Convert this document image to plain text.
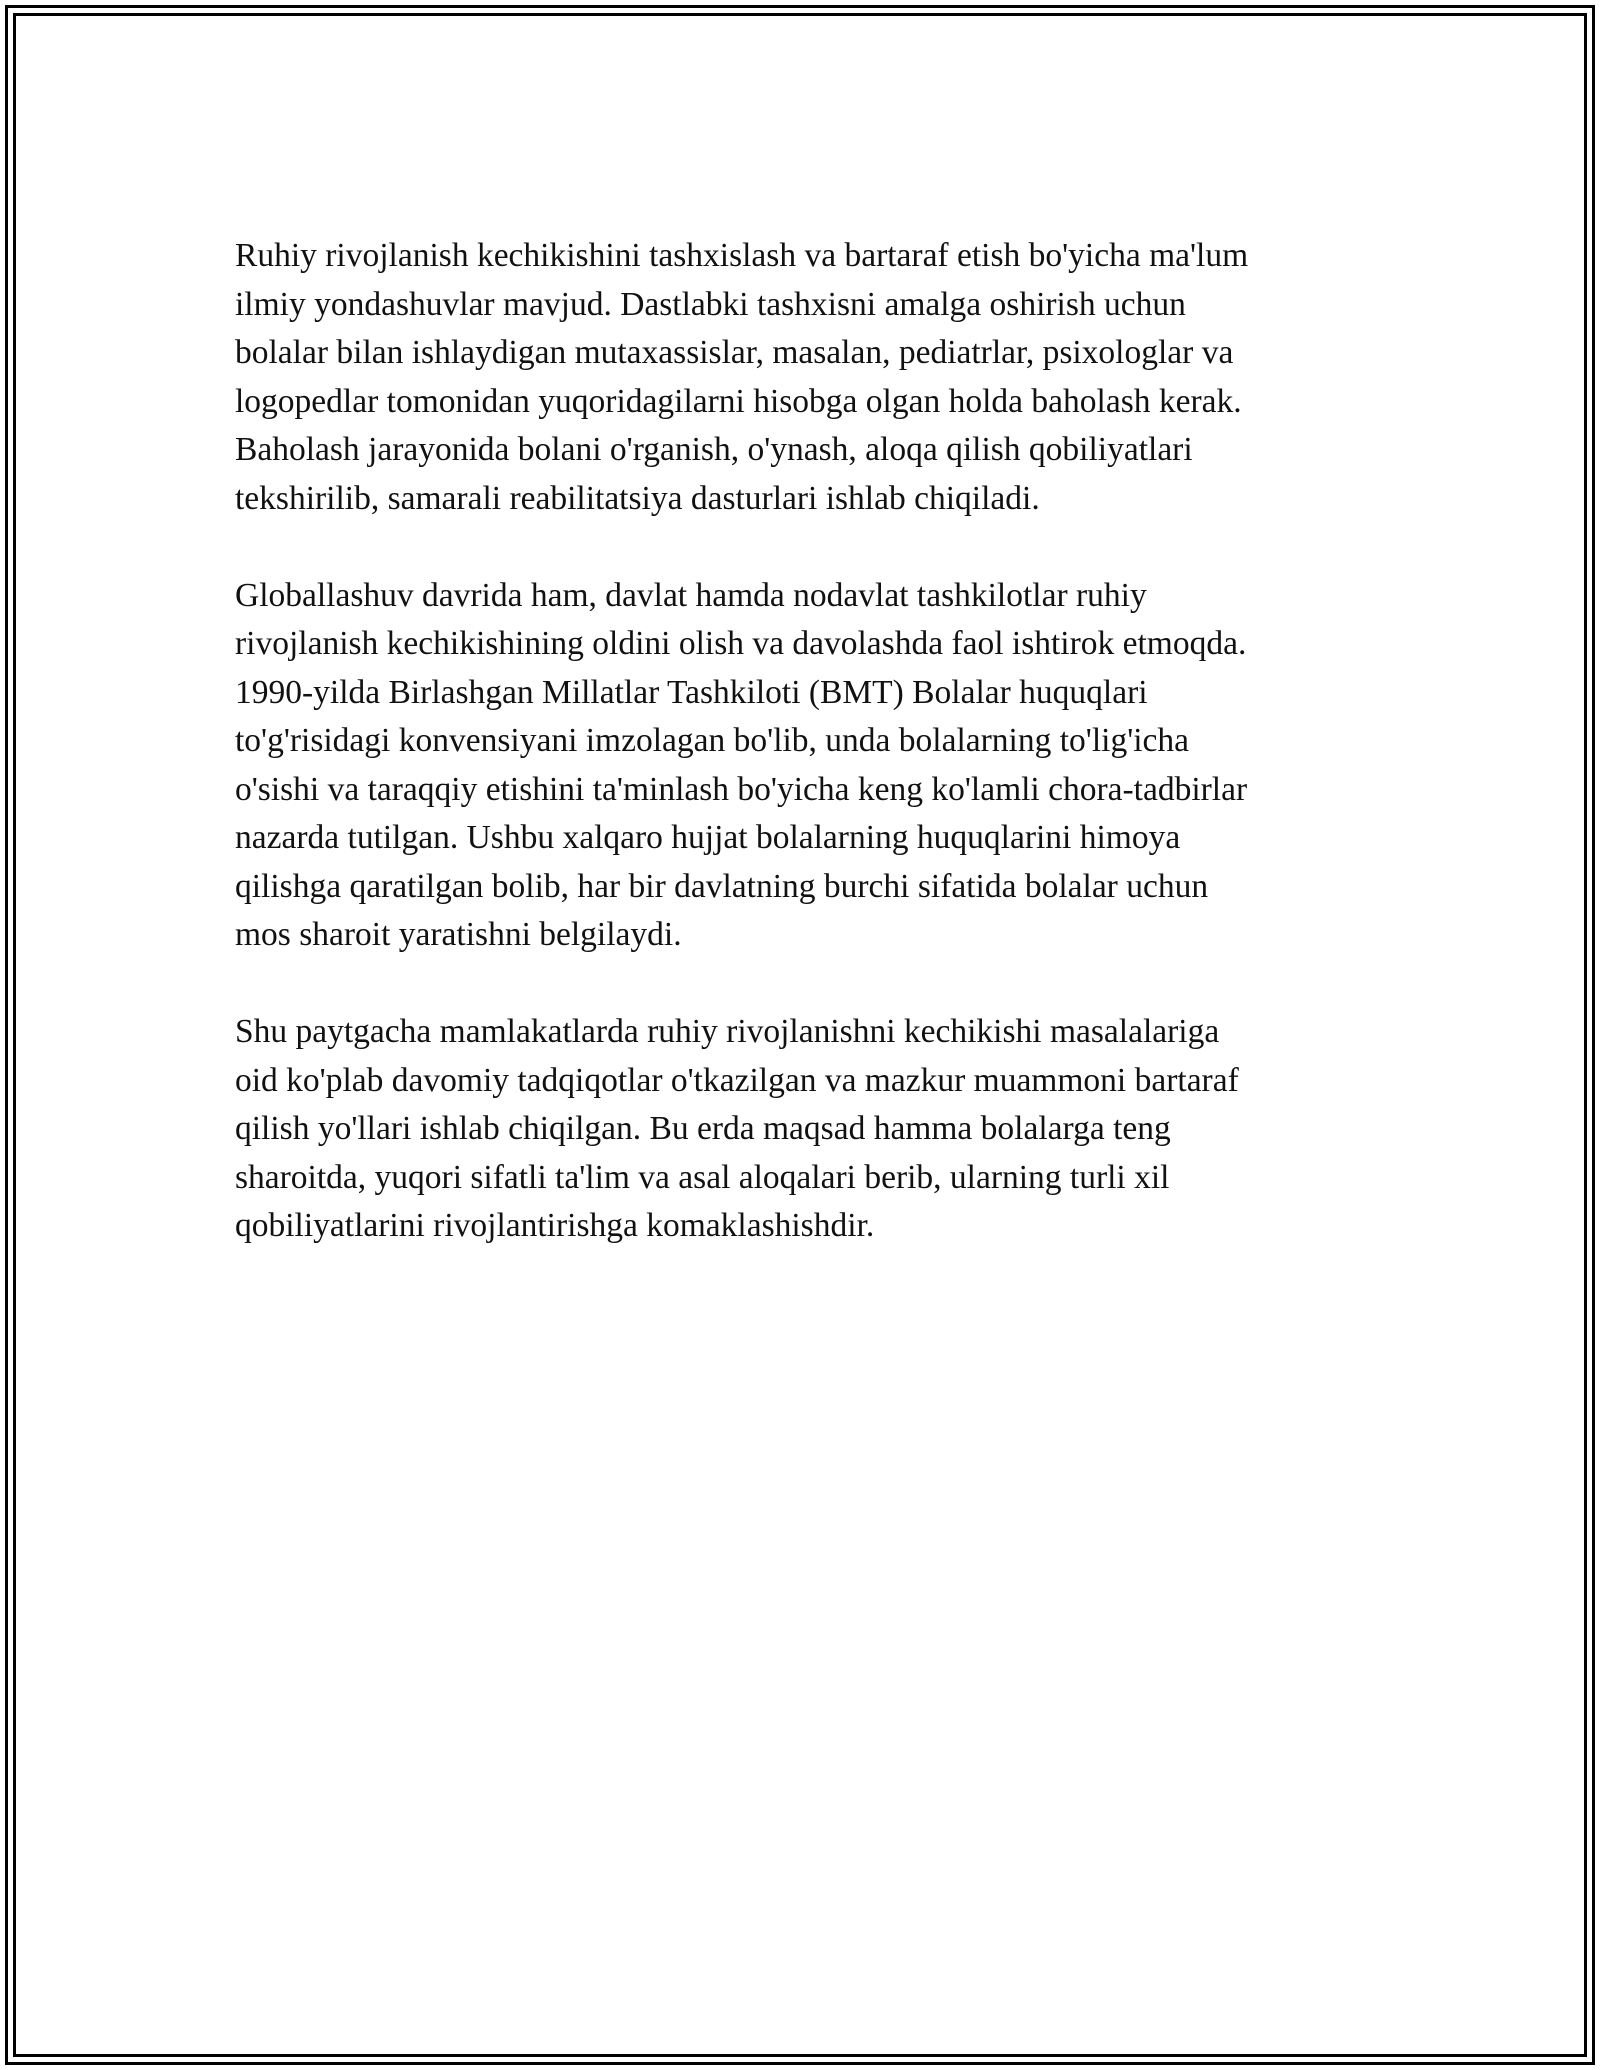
Ruhiy rivojlanish kechikishini tashxislash va bartaraf etish bo'yicha ma'lum
ilmiy yondashuvlar mavjud. Dastlabki tashxisni amalga oshirish uchun
bolalar bilan ishlaydigan mutaxassislar, masalan, pediatrlar, psixologlar va
logopedlar tomonidan yuqoridagilarni hisobga olgan holda baholash kerak.
Baholash jarayonida bolani o'rganish, o'ynash, aloqa qilish qobiliyatlari
tekshirilib, samarali reabilitatsiya dasturlari ishlab chiqiladi.

Globallashuv davrida ham, davlat hamda nodavlat tashkilotlar ruhiy
rivojlanish kechikishining oldini olish va davolashda faol ishtirok etmoqda.
1990-yilda Birlashgan Millatlar Tashkiloti (BMT) Bolalar huquqlari
to'g'risidagi konvensiyani imzolagan bo'lib, unda bolalarning to'lig'icha
o'sishi va taraqqiy etishini ta'minlash bo'yicha keng ko'lamli chora-tadbirlar
nazarda tutilgan. Ushbu xalqaro hujjat bolalarning huquqlarini himoya
qilishga qaratilgan bolib, har bir davlatning burchi sifatida bolalar uchun
mos sharoit yaratishni belgilaydi.

Shu paytgacha mamlakatlarda ruhiy rivojlanishni kechikishi masalalariga
oid ko'plab davomiy tadqiqotlar o'tkazilgan va mazkur muammoni bartaraf
qilish yo'llari ishlab chiqilgan. Bu erda maqsad hamma bolalarga teng
sharoitda, yuqori sifatli ta'lim va asal aloqalari berib, ularning turli xil
qobiliyatlarini rivojlantirishga komaklashishdir.
